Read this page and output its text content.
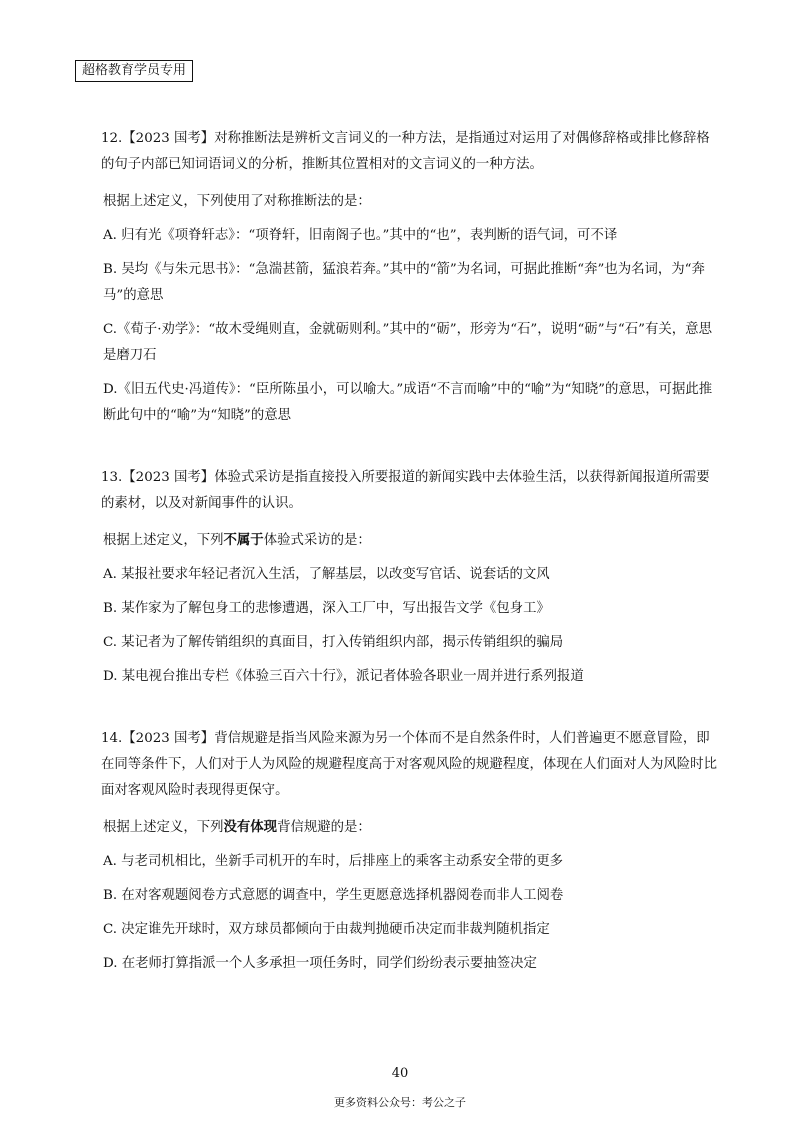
超格教育学员专用

12.【2023 国考】对称推断法是辨析文言词义的一种方法，是指通过对运用了对偶修辞格或排比修辞格的句子内部已知词语词义的分析，推断其位置相对的文言词义的一种方法。

根据上述定义，下列使用了对称推断法的是：

A. 归有光《项脊轩志》：“项脊轩，旧南阁子也。”其中的“也”，表判断的语气词，可不译

B. 吴均《与朱元思书》：“急湍甚箭，猛浪若奔。”其中的“箭”为名词，可据此推断“奔”也为名词，为“奔马”的意思

C.《荀子·劝学》：“故木受绳则直，金就砺则利。”其中的“砺”，形旁为“石”，说明“砺”与“石”有关，意思是磨刀石

D.《旧五代史·冯道传》：“臣所陈虽小，可以喻大。”成语“不言而喻”中的“喻”为“知晓”的意思，可据此推断此句中的“喻”为“知晓”的意思

13.【2023 国考】体验式采访是指直接投入所要报道的新闻实践中去体验生活，以获得新闻报道所需要的素材，以及对新闻事件的认识。

根据上述定义，下列不属于体验式采访的是：

A. 某报社要求年轻记者沉入生活，了解基层，以改变写官话、说套话的文风

B. 某作家为了解包身工的悲惨遭遇，深入工厂中，写出报告文学《包身工》

C. 某记者为了解传销组织的真面目，打入传销组织内部，揭示传销组织的骗局

D. 某电视台推出专栏《体验三百六十行》，派记者体验各职业一周并进行系列报道

14.【2023 国考】背信规避是指当风险来源为另一个体而不是自然条件时，人们普遍更不愿意冒险，即在同等条件下，人们对于人为风险的规避程度高于对客观风险的规避程度，体现在人们面对人为风险时比面对客观风险时表现得更保守。

根据上述定义，下列没有体现背信规避的是：

A. 与老司机相比，坐新手司机开的车时，后排座上的乘客主动系安全带的更多

B. 在对客观题阅卷方式意愿的调查中，学生更愿意选择机器阅卷而非人工阅卷

C. 决定谁先开球时，双方球员都倾向于由裁判抛硬币决定而非裁判随机指定

D. 在老师打算指派一个人多承担一项任务时，同学们纷纷表示要抽签决定

40
更多资料公众号：考公之子
